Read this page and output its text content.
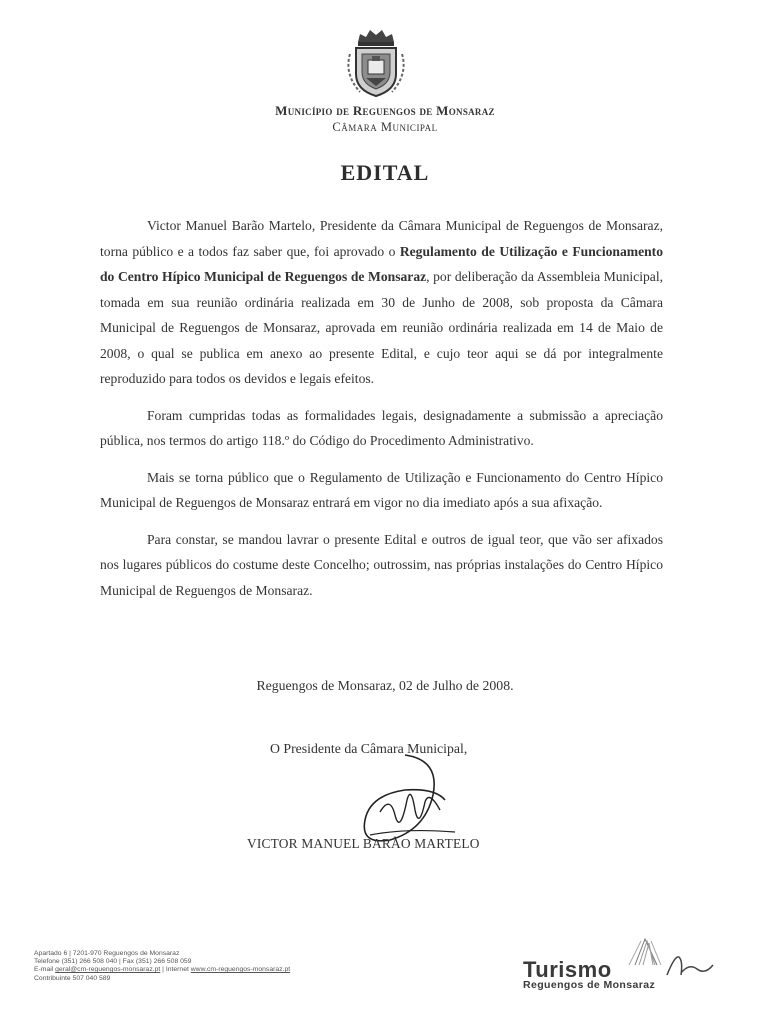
Município de Reguengos de Monsaraz
Câmara Municipal
EDITAL

Victor Manuel Barão Martelo, Presidente da Câmara Municipal de Reguengos de Monsaraz, torna público e a todos faz saber que, foi aprovado o Regulamento de Utilização e Funcionamento do Centro Hípico Municipal de Reguengos de Monsaraz, por deliberação da Assembleia Municipal, tomada em sua reunião ordinária realizada em 30 de Junho de 2008, sob proposta da Câmara Municipal de Reguengos de Monsaraz, aprovada em reunião ordinária realizada em 14 de Maio de 2008, o qual se publica em anexo ao presente Edital, e cujo teor aqui se dá por integralmente reproduzido para todos os devidos e legais efeitos.

Foram cumpridas todas as formalidades legais, designadamente a submissão a apreciação pública, nos termos do artigo 118.º do Código do Procedimento Administrativo.

Mais se torna público que o Regulamento de Utilização e Funcionamento do Centro Hípico Municipal de Reguengos de Monsaraz entrará em vigor no dia imediato após a sua afixação.

Para constar, se mandou lavrar o presente Edital e outros de igual teor, que vão ser afixados nos lugares públicos do costume deste Concelho; outrossim, nas próprias instalações do Centro Hípico Municipal de Reguengos de Monsaraz.

Reguengos de Monsaraz, 02 de Julho de 2008.
O Presidente da Câmara Municipal,
VICTOR MANUEL BARÃO MARTELO
Apartado 6 | 7201-970 Reguengos de Monsaraz
Telefone (351) 266 508 040 | Fax (351) 266 508 059
E-mail geral@cm-reguengos-monsaraz.pt | Internet www.cm-reguengos-monsaraz.pt
Contribuinte 507 040 589	Turismo
Reguengos de Monsaraz
